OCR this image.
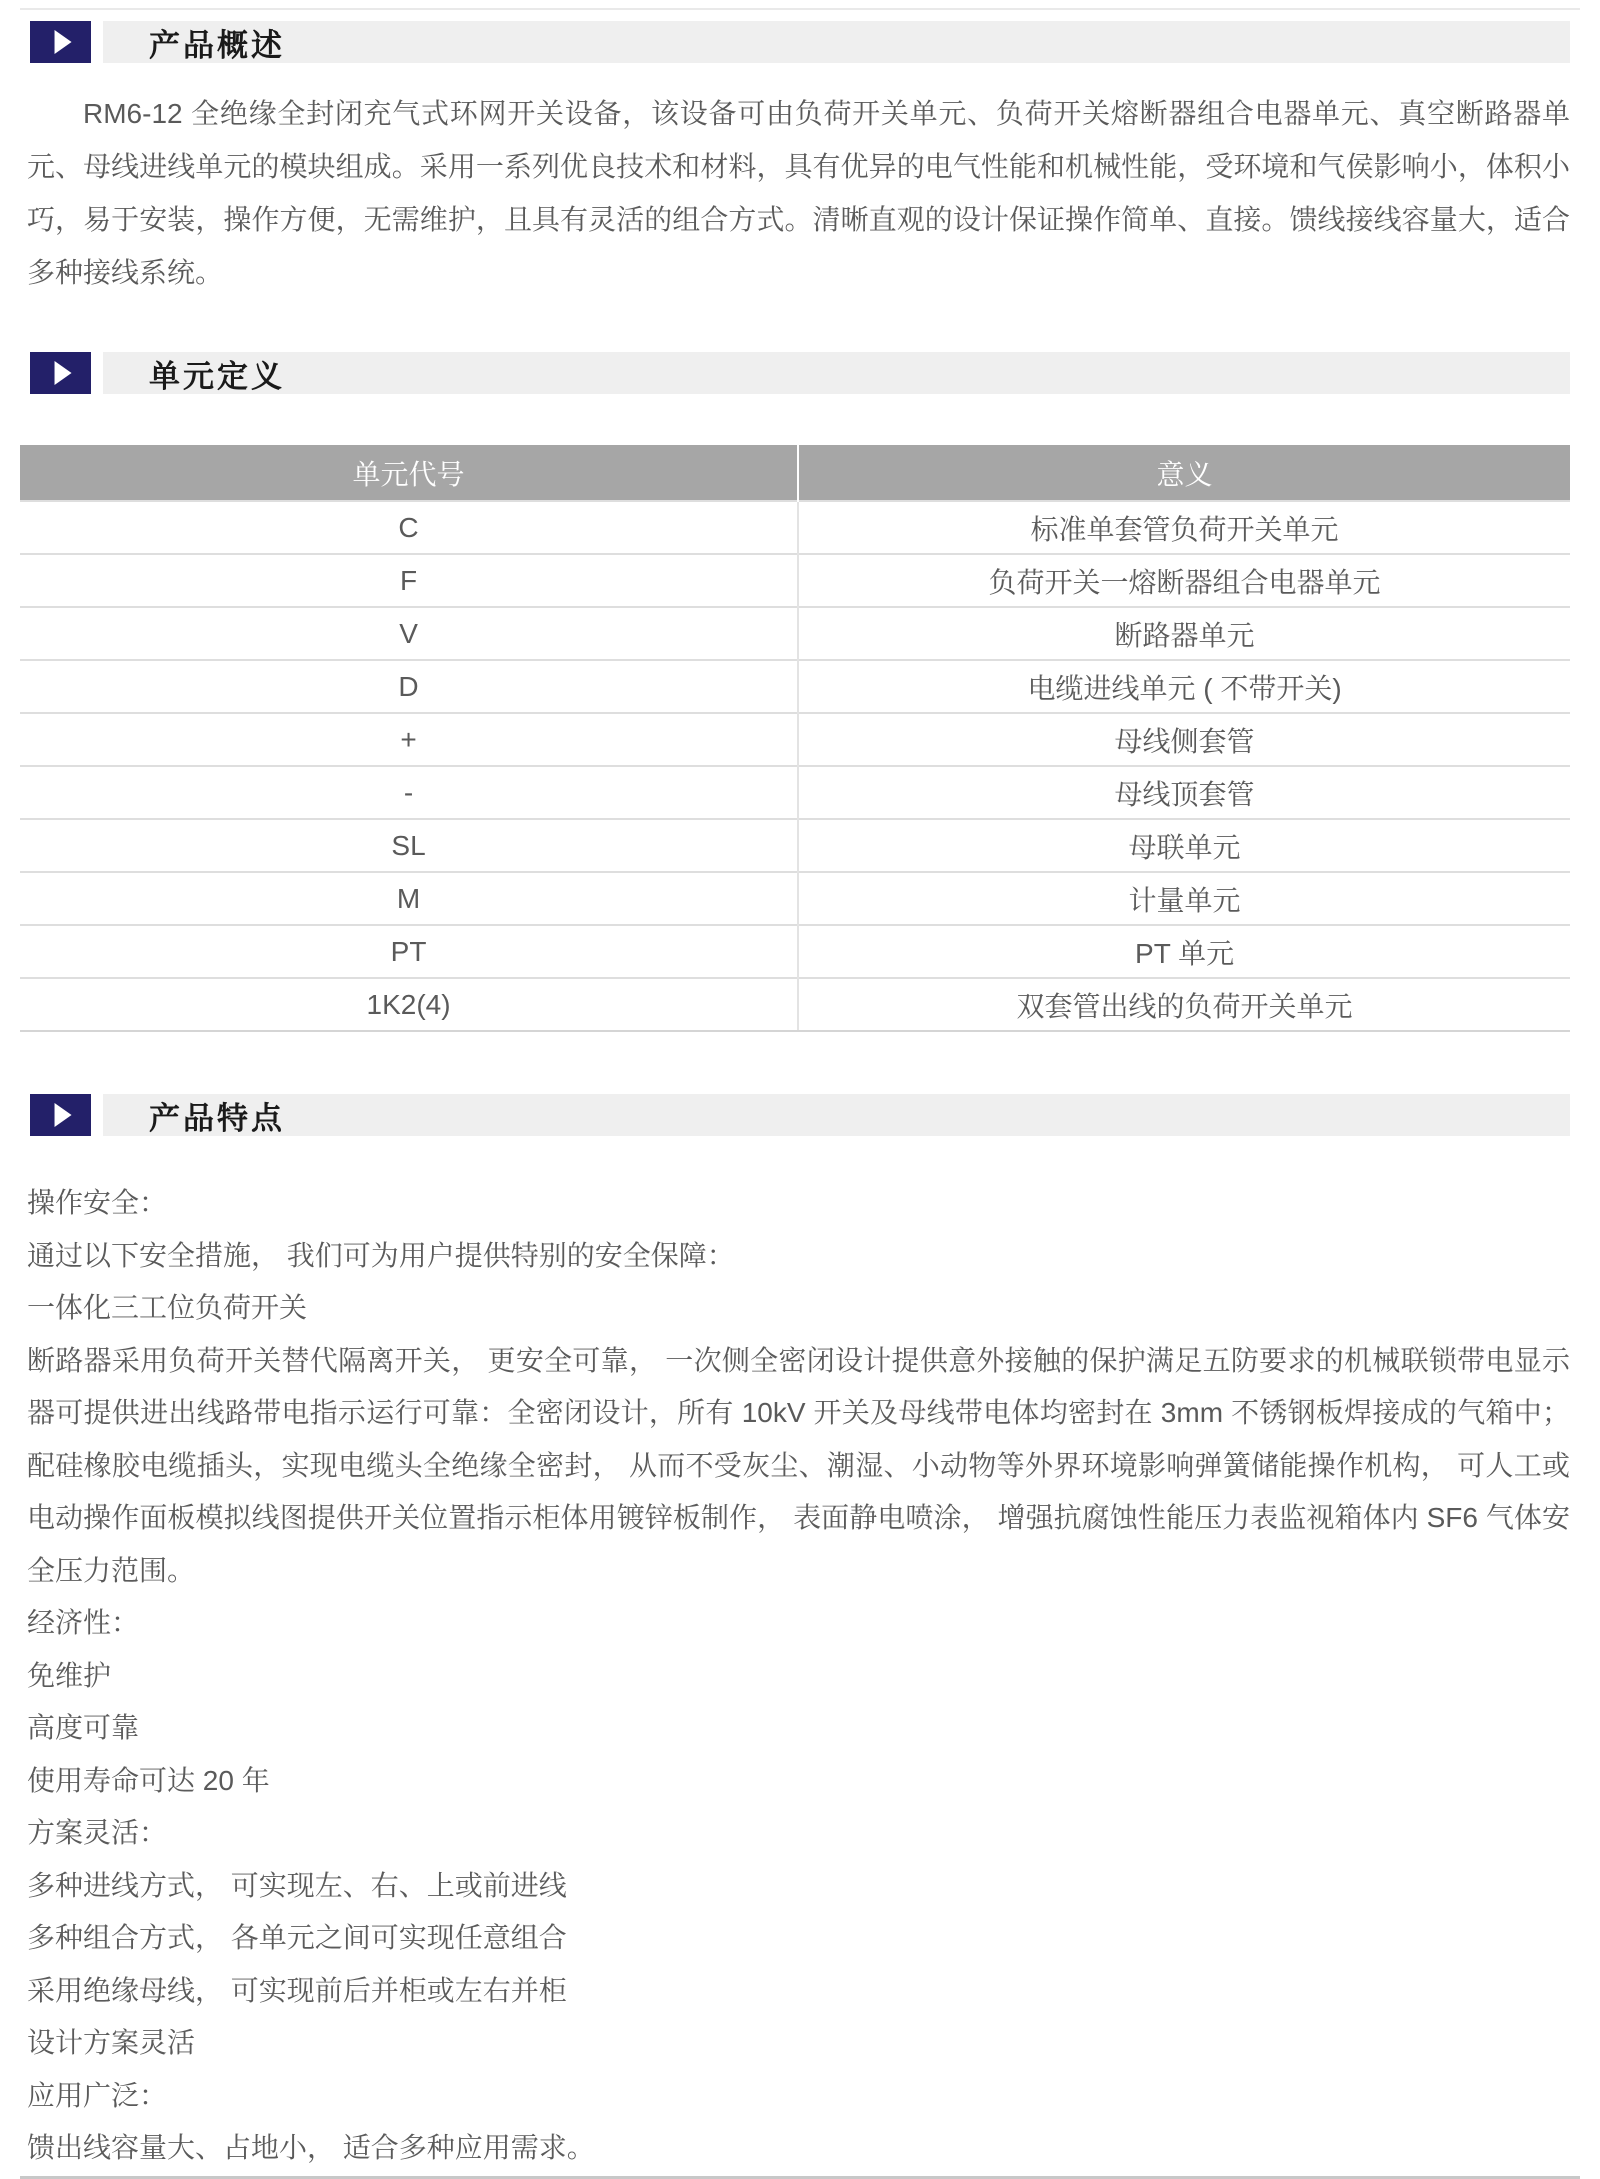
产品概述

RM6-12 全绝缘全封闭充气式环网开关设备，该设备可由负荷开关单元、负荷开关熔断器组合电器单元、真空断路器单元、母线进线单元的模块组成。采用一系列优良技术和材料，具有优异的电气性能和机械性能，受环境和气侯影响小，体积小巧，易于安装，操作方便，无需维护，且具有灵活的组合方式。清晰直观的设计保证操作简单、直接。馈线接线容量大，适合多种接线系统。

单元定义
单元代号	意义
C	标准单套管负荷开关单元
F	负荷开关一熔断器组合电器单元
V	断路器单元
D	电缆进线单元 ( 不带开关)
+	母线侧套管
-	母线顶套管
SL	母联单元
M	计量单元
PT	PT 单元
1K2(4)	双套管出线的负荷开关单元
产品特点

操作安全：

通过以下安全措施， 我们可为用户提供特别的安全保障：

一体化三工位负荷开关

断路器采用负荷开关替代隔离开关， 更安全可靠， 一次侧全密闭设计提供意外接触的保护满足五防要求的机械联锁带电显示器可提供进出线路带电指示运行可靠：全密闭设计，所有 10kV 开关及母线带电体均密封在 3mm 不锈钢板焊接成的气箱中；配硅橡胶电缆插头，实现电缆头全绝缘全密封， 从而不受灰尘、潮湿、小动物等外界环境影响弹簧储能操作机构， 可人工或电动操作面板模拟线图提供开关位置指示柜体用镀锌板制作， 表面静电喷涂， 增强抗腐蚀性能压力表监视箱体内 SF6 气体安全压力范围。

经济性：

免维护

高度可靠

使用寿命可达 20 年

方案灵活：

多种进线方式， 可实现左、右、上或前进线

多种组合方式， 各单元之间可实现任意组合

采用绝缘母线， 可实现前后并柜或左右并柜

设计方案灵活

应用广泛：

馈出线容量大、占地小， 适合多种应用需求。
